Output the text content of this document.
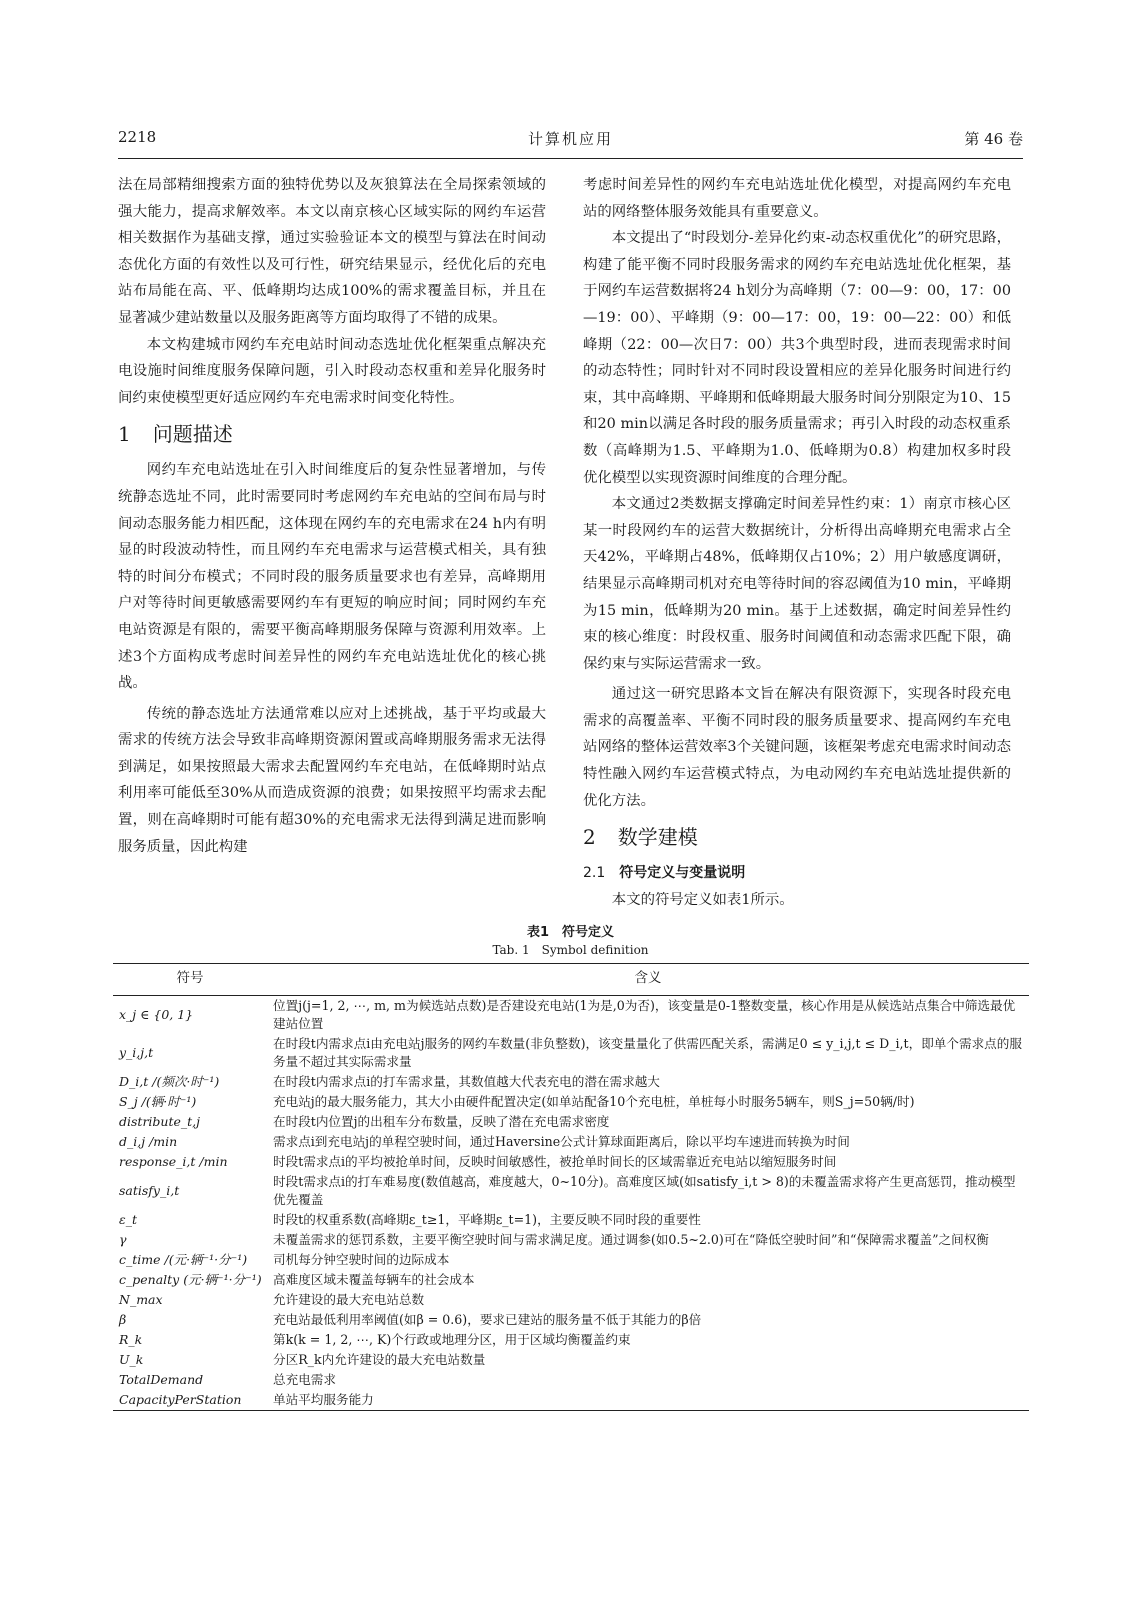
2218	计算机应用	第 46 卷

法在局部精细搜索方面的独特优势以及灰狼算法在全局探索领域的强大能力，提高求解效率。本文以南京核心区域实际的网约车运营相关数据作为基础支撑，通过实验验证本文的模型与算法在时间动态优化方面的有效性以及可行性，研究结果显示，经优化后的充电站布局能在高、平、低峰期均达成100%的需求覆盖目标，并且在显著减少建站数量以及服务距离等方面均取得了不错的成果。

本文构建城市网约车充电站时间动态选址优化框架重点解决充电设施时间维度服务保障问题，引入时段动态权重和差异化服务时间约束使模型更好适应网约车充电需求时间变化特性。

1 问题描述

网约车充电站选址在引入时间维度后的复杂性显著增加，与传统静态选址不同，此时需要同时考虑网约车充电站的空间布局与时间动态服务能力相匹配，这体现在网约车的充电需求在24 h内有明显的时段波动特性，而且网约车充电需求与运营模式相关，具有独特的时间分布模式；不同时段的服务质量要求也有差异，高峰期用户对等待时间更敏感需要网约车有更短的响应时间；同时网约车充电站资源是有限的，需要平衡高峰期服务保障与资源利用效率。上述3个方面构成考虑时间差异性的网约车充电站选址优化的核心挑战。

传统的静态选址方法通常难以应对上述挑战，基于平均或最大需求的传统方法会导致非高峰期资源闲置或高峰期服务需求无法得到满足，如果按照最大需求去配置网约车充电站，在低峰期时站点利用率可能低至30%从而造成资源的浪费；如果按照平均需求去配置，则在高峰期时可能有超30%的充电需求无法得到满足进而影响服务质量，因此构建

考虑时间差异性的网约车充电站选址优化模型，对提高网约车充电站的网络整体服务效能具有重要意义。

本文提出了“时段划分-差异化约束-动态权重优化”的研究思路，构建了能平衡不同时段服务需求的网约车充电站选址优化框架，基于网约车运营数据将24 h划分为高峰期（7：00—9：00，17：00—19：00）、平峰期（9：00—17：00，19：00—22：00）和低峰期（22：00—次日7：00）共3个典型时段，进而表现需求时间的动态特性；同时针对不同时段设置相应的差异化服务时间进行约束，其中高峰期、平峰期和低峰期最大服务时间分别限定为10、15和20 min以满足各时段的服务质量需求；再引入时段的动态权重系数（高峰期为1.5、平峰期为1.0、低峰期为0.8）构建加权多时段优化模型以实现资源时间维度的合理分配。

本文通过2类数据支撑确定时间差异性约束：1）南京市核心区某一时段网约车的运营大数据统计，分析得出高峰期充电需求占全天42%，平峰期占48%，低峰期仅占10%；2）用户敏感度调研，结果显示高峰期司机对充电等待时间的容忍阈值为10 min，平峰期为15 min，低峰期为20 min。基于上述数据，确定时间差异性约束的核心维度：时段权重、服务时间阈值和动态需求匹配下限，确保约束与实际运营需求一致。

通过这一研究思路本文旨在解决有限资源下，实现各时段充电需求的高覆盖率、平衡不同时段的服务质量要求、提高网约车充电站网络的整体运营效率3个关键问题，该框架考虑充电需求时间动态特性融入网约车运营模式特点，为电动网约车充电站选址提供新的优化方法。

2 数学建模
2.1 符号定义与变量说明

本文的符号定义如表1所示。

表1　符号定义
Tab. 1　Symbol definition
符号	含义
x_j ∈ {0, 1}	位置j(j=1, 2, ⋯, m, m为候选站点数)是否建设充电站(1为是,0为否)，该变量是0-1整数变量，核心作用是从候选站点集合中筛选最优建站位置
y_i,j,t	在时段t内需求点i由充电站j服务的网约车数量(非负整数)，该变量量化了供需匹配关系，需满足0 ≤ y_i,j,t ≤ D_i,t，即单个需求点的服务量不超过其实际需求量
D_i,t /(频次·时⁻¹)	在时段t内需求点i的打车需求量，其数值越大代表充电的潜在需求越大
S_j /(辆·时⁻¹)	充电站j的最大服务能力，其大小由硬件配置决定(如单站配备10个充电桩，单桩每小时服务5辆车，则S_j=50辆/时)
distribute_t,j	在时段t内位置j的出租车分布数量，反映了潜在充电需求密度
d_i,j /min	需求点i到充电站j的单程空驶时间，通过Haversine公式计算球面距离后，除以平均车速进而转换为时间
response_i,t /min	时段t需求点i的平均被抢单时间，反映时间敏感性，被抢单时间长的区域需靠近充电站以缩短服务时间
satisfy_i,t	时段t需求点i的打车难易度(数值越高，难度越大，0~10分)。高难度区域(如satisfy_i,t > 8)的未覆盖需求将产生更高惩罚，推动模型优先覆盖
ε_t	时段t的权重系数(高峰期ε_t≥1，平峰期ε_t=1)，主要反映不同时段的重要性
γ	未覆盖需求的惩罚系数，主要平衡空驶时间与需求满足度。通过调参(如0.5~2.0)可在“降低空驶时间”和“保障需求覆盖”之间权衡
c_time /(元·辆⁻¹·分⁻¹)	司机每分钟空驶时间的边际成本
c_penalty (元·辆⁻¹·分⁻¹)	高难度区域未覆盖每辆车的社会成本
N_max	允许建设的最大充电站总数
β	充电站最低利用率阈值(如β = 0.6)，要求已建站的服务量不低于其能力的β倍
R_k	第k(k = 1, 2, ⋯, K)个行政或地理分区，用于区域均衡覆盖约束
U_k	分区R_k内允许建设的最大充电站数量
TotalDemand	总充电需求
CapacityPerStation	单站平均服务能力
